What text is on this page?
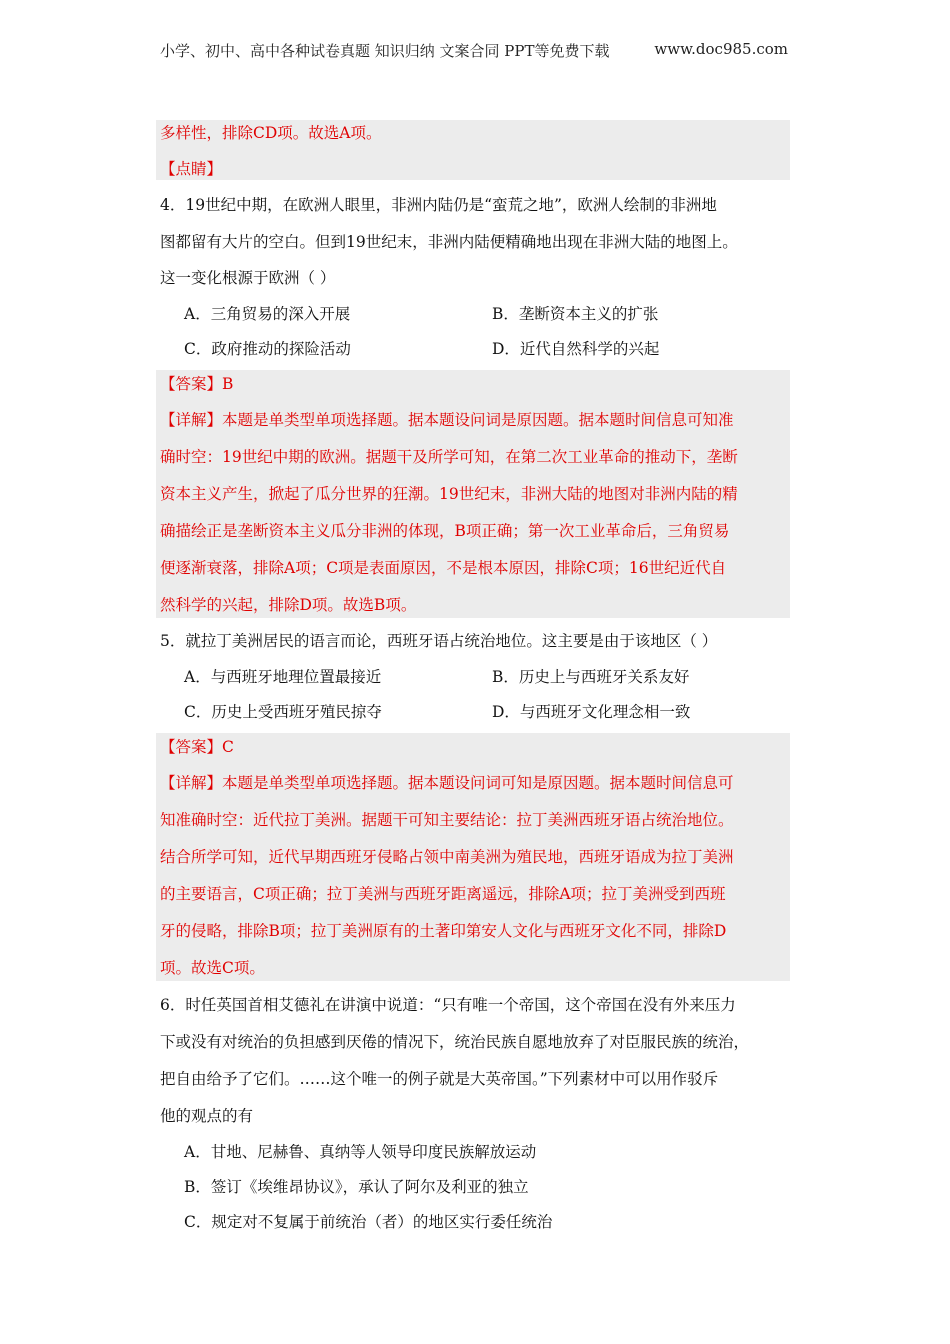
小学、初中、高中各种试卷真题 知识归纳 文案合同 PPT等免费下载	www.doc985.com
多样性，排除CD项。故选A项。
【点睛】
4．19世纪中期，在欧洲人眼里，非洲内陆仍是“蛮荒之地”，欧洲人绘制的非洲地
图都留有大片的空白。但到19世纪末，非洲内陆便精确地出现在非洲大陆的地图上。
这一变化根源于欧洲（ ）
A．三角贸易的深入开展	B．垄断资本主义的扩张
C．政府推动的探险活动	D．近代自然科学的兴起
【答案】B
【详解】本题是单类型单项选择题。据本题设问词是原因题。据本题时间信息可知准
确时空：19世纪中期的欧洲。据题干及所学可知，在第二次工业革命的推动下，垄断
资本主义产生，掀起了瓜分世界的狂潮。19世纪末，非洲大陆的地图对非洲内陆的精
确描绘正是垄断资本主义瓜分非洲的体现，B项正确；第一次工业革命后，三角贸易
便逐渐衰落，排除A项；C项是表面原因，不是根本原因，排除C项；16世纪近代自
然科学的兴起，排除D项。故选B项。
5．就拉丁美洲居民的语言而论，西班牙语占统治地位。这主要是由于该地区（ ）
A．与西班牙地理位置最接近	B．历史上与西班牙关系友好
C．历史上受西班牙殖民掠夺	D．与西班牙文化理念相一致
【答案】C
【详解】本题是单类型单项选择题。据本题设问词可知是原因题。据本题时间信息可
知准确时空：近代拉丁美洲。据题干可知主要结论：拉丁美洲西班牙语占统治地位。
结合所学可知，近代早期西班牙侵略占领中南美洲为殖民地，西班牙语成为拉丁美洲
的主要语言，C项正确；拉丁美洲与西班牙距离遥远，排除A项；拉丁美洲受到西班
牙的侵略，排除B项；拉丁美洲原有的土著印第安人文化与西班牙文化不同，排除D
项。故选C项。
6．时任英国首相艾德礼在讲演中说道：“只有唯一个帝国，这个帝国在没有外来压力
下或没有对统治的负担感到厌倦的情况下，统治民族自愿地放弃了对臣服民族的统治，
把自由给予了它们。……这个唯一的例子就是大英帝国。”下列素材中可以用作驳斥
他的观点的有
A．甘地、尼赫鲁、真纳等人领导印度民族解放运动
B．签订《埃维昂协议》，承认了阿尔及利亚的独立
C．规定对不复属于前统治（者）的地区实行委任统治
